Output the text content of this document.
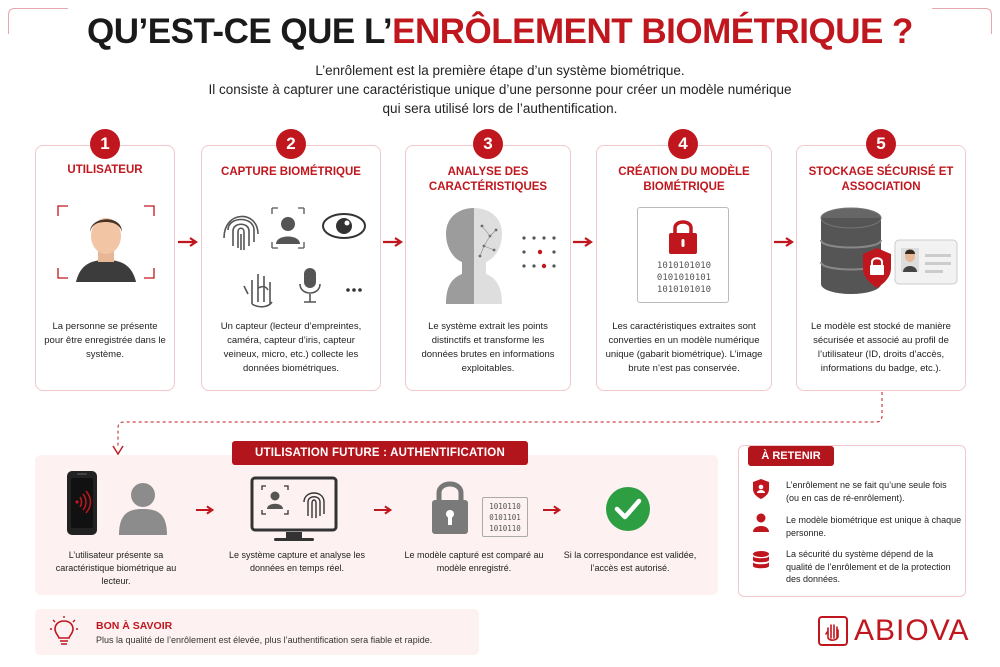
QU’EST-CE QUE L’ENRÔLEMENT BIOMÉTRIQUE ?
L’enrôlement est la première étape d’un système biométrique.
Il consiste à capturer une caractéristique unique d’une personne pour créer un modèle numérique
qui sera utilisé lors de l’authentification.
UTILISATEUR
La personne se présente pour être enregistrée dans le système.
1
CAPTURE BIOMÉTRIQUE
Un capteur (lecteur d’empreintes, caméra, capteur d’iris, capteur veineux, micro, etc.) collecte les données biométriques.
2
ANALYSE DES CARACTÉRISTIQUES
Le système extrait les points distinctifs et transforme les données brutes en informations exploitables.
3
CRÉATION DU MODÈLE BIOMÉTRIQUE
1010101010
0101010101
1010101010
Les caractéristiques extraites sont converties en un modèle numérique unique (gabarit biométrique). L’image brute n’est pas conservée.
4
STOCKAGE SÉCURISÉ ET ASSOCIATION
Le modèle est stocké de manière sécurisée et associé au profil de l’utilisateur (ID, droits d’accès, informations du badge, etc.).
5
UTILISATION FUTURE : AUTHENTIFICATION
L’utilisateur présente sa caractéristique biométrique au lecteur.
Le système capture et analyse les données en temps réel.
1010110
0101101
1010110
Le modèle capturé est comparé au modèle enregistré.
Si la correspondance est validée, l’accès est autorisé.
À RETENIR
L’enrôlement ne se fait qu’une seule fois (ou en cas de ré-enrôlement).
Le modèle biométrique est unique à chaque personne.
La sécurité du système dépend de la qualité de l’enrôlement et de la protection des données.
BON À SAVOIR
Plus la qualité de l’enrôlement est élevée, plus l’authentification sera fiable et rapide.	ABIOVA
